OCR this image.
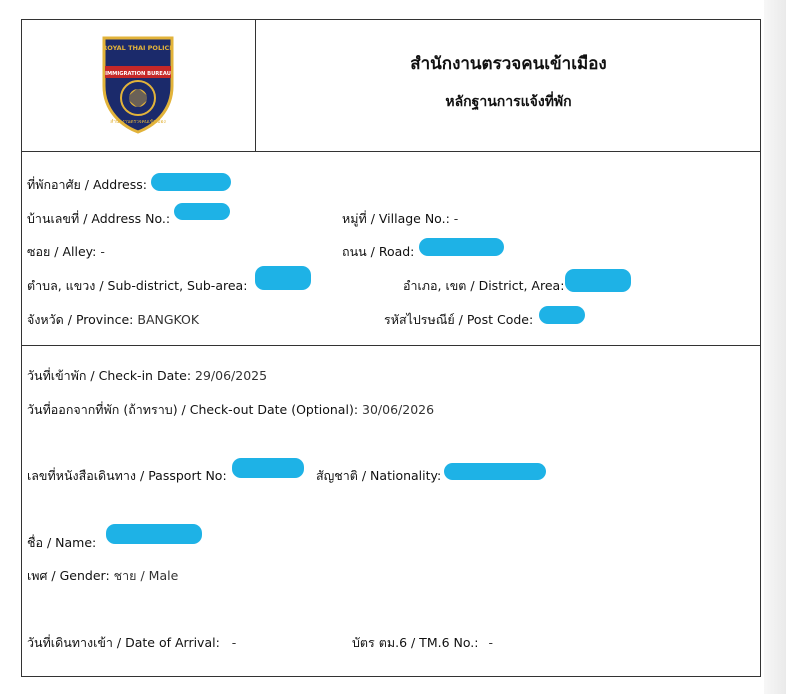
ROYAL THAI POLICE
IMMIGRATION BUREAU
สำนักงานตรวจคนเข้าเมือง
สำนักงานตรวจคนเข้าเมือง
หลักฐานการแจ้งที่พัก
ที่พักอาศัย / Address:
บ้านเลขที่ / Address No.:	หมู่ที่ / Village No.: -
ซอย / Alley: -	ถนน / Road:
ตำบล, แขวง / Sub-district, Sub-area:	อำเภอ, เขต / District, Area:
จังหวัด / Province: BANGKOK	รหัสไปรษณีย์ / Post Code:
วันที่เข้าพัก / Check-in Date: 29/06/2025
วันที่ออกจากที่พัก (ถ้าทราบ) / Check-out Date (Optional): 30/06/2026
เลขที่หนังสือเดินทาง / Passport No:	สัญชาติ / Nationality:
ชื่อ / Name:
เพศ / Gender: ชาย / Male
วันที่เดินทางเข้า / Date of Arrival: -	บัตร ตม.6 / TM.6 No.: -
